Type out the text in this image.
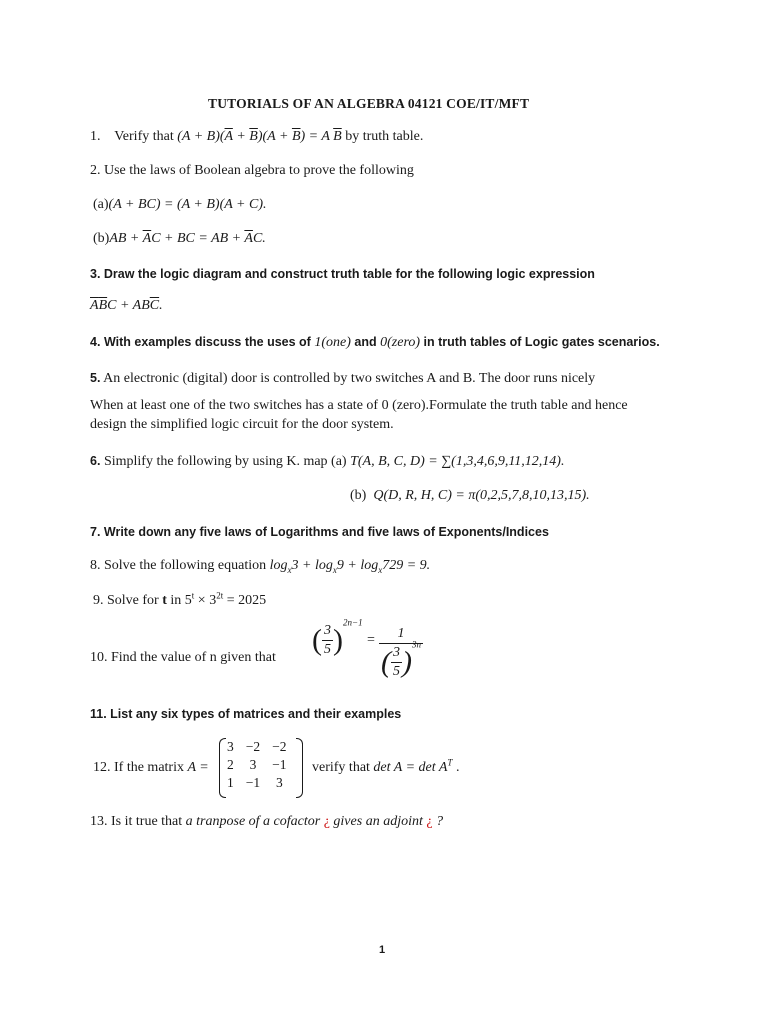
TUTORIALS OF AN ALGEBRA 04121 COE/IT/MFT
1. Verify that $(A + B)(\overline{A} + \overline{B})(A + \overline{B}) = A$ $\overline{B}$ by truth table.
2. Use the laws of Boolean algebra to prove the following
(a)(A + BC) = (A + B)(A + C).
$(b)AB + \overline{A}C$ + BC = AB + $\overline{A}C$.
3. Draw the logic diagram and construct truth table for the following logic expression
$\overline{A}\overline{B}C + AB\overline{C}$.
4. With examples discuss the uses of 1(one) and 0(zero) in truth tables of Logic gates scenarios.
5. An electronic (digital) door is controlled by two switches A and B. The door runs nicely
When at least one of the two switches has a state of 0 (zero).Formulate the truth table and hence
design the simplified logic circuit for the door system.
6. Simplify the following by using K. map (a) T(A, B, C, D) = ∑(1,3,4,6,9,11,12,14).
(b) Q(D, R, H, C) = π(0,2,5,7,8,10,13,15).
7. Write down any five laws of Logarithms and five laws of Exponents/Indices
8. Solve the following equation $\log_x3 + \log_x9 + \log_x729 = 9$.
9. Solve for t in $5^t \times 3^{2t} = 2025$
10. Find the value of n given that
( $\frac{3}{5} )^{2n-1} = \frac{1}{( \frac{3}{5} )^{3n}}$
11. List any six types of matrices and their examples
12. If the matrix A =
3	−2	−2
2	3	−1
1	−1	3
verify that $\det A = \det A^T$ .
13. Is it true that a tranpose of a cofactor ¿ gives an adjoint ¿ ?
1
